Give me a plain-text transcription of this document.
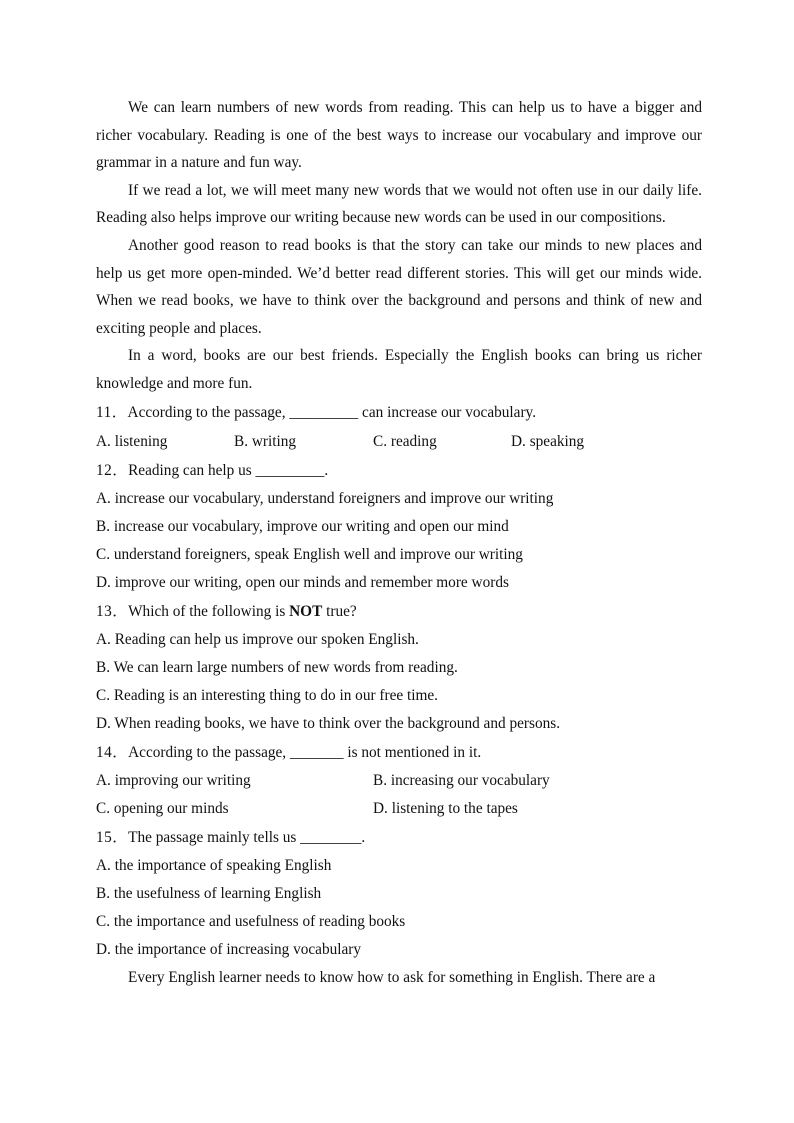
We can learn numbers of new words from reading. This can help us to have a bigger and richer vocabulary. Reading is one of the best ways to increase our vocabulary and improve our grammar in a nature and fun way.

If we read a lot, we will meet many new words that we would not often use in our daily life. Reading also helps improve our writing because new words can be used in our compositions.

Another good reason to read books is that the story can take our minds to new places and help us get more open-minded. We’d better read different stories. This will get our minds wide. When we read books, we have to think over the background and persons and think of new and exciting people and places.

In a word, books are our best friends. Especially the English books can bring us richer knowledge and more fun.

11．According to the passage, _________ can increase our vocabulary.
A. listening	B. writing	C. reading	D. speaking
12．Reading can help us _________.
A. increase our vocabulary, understand foreigners and improve our writing
B. increase our vocabulary, improve our writing and open our mind
C. understand foreigners, speak English well and improve our writing
D. improve our writing, open our minds and remember more words
13．Which of the following is NOT true?
A. Reading can help us improve our spoken English.
B. We can learn large numbers of new words from reading.
C. Reading is an interesting thing to do in our free time.
D. When reading books, we have to think over the background and persons.
14．According to the passage, _______ is not mentioned in it.
A. improving our writing	B. increasing our vocabulary
C. opening our minds	D. listening to the tapes
15．The passage mainly tells us ________.
A. the importance of speaking English
B. the usefulness of learning English
C. the importance and usefulness of reading books
D. the importance of increasing vocabulary

Every English learner needs to know how to ask for something in English. There are a
